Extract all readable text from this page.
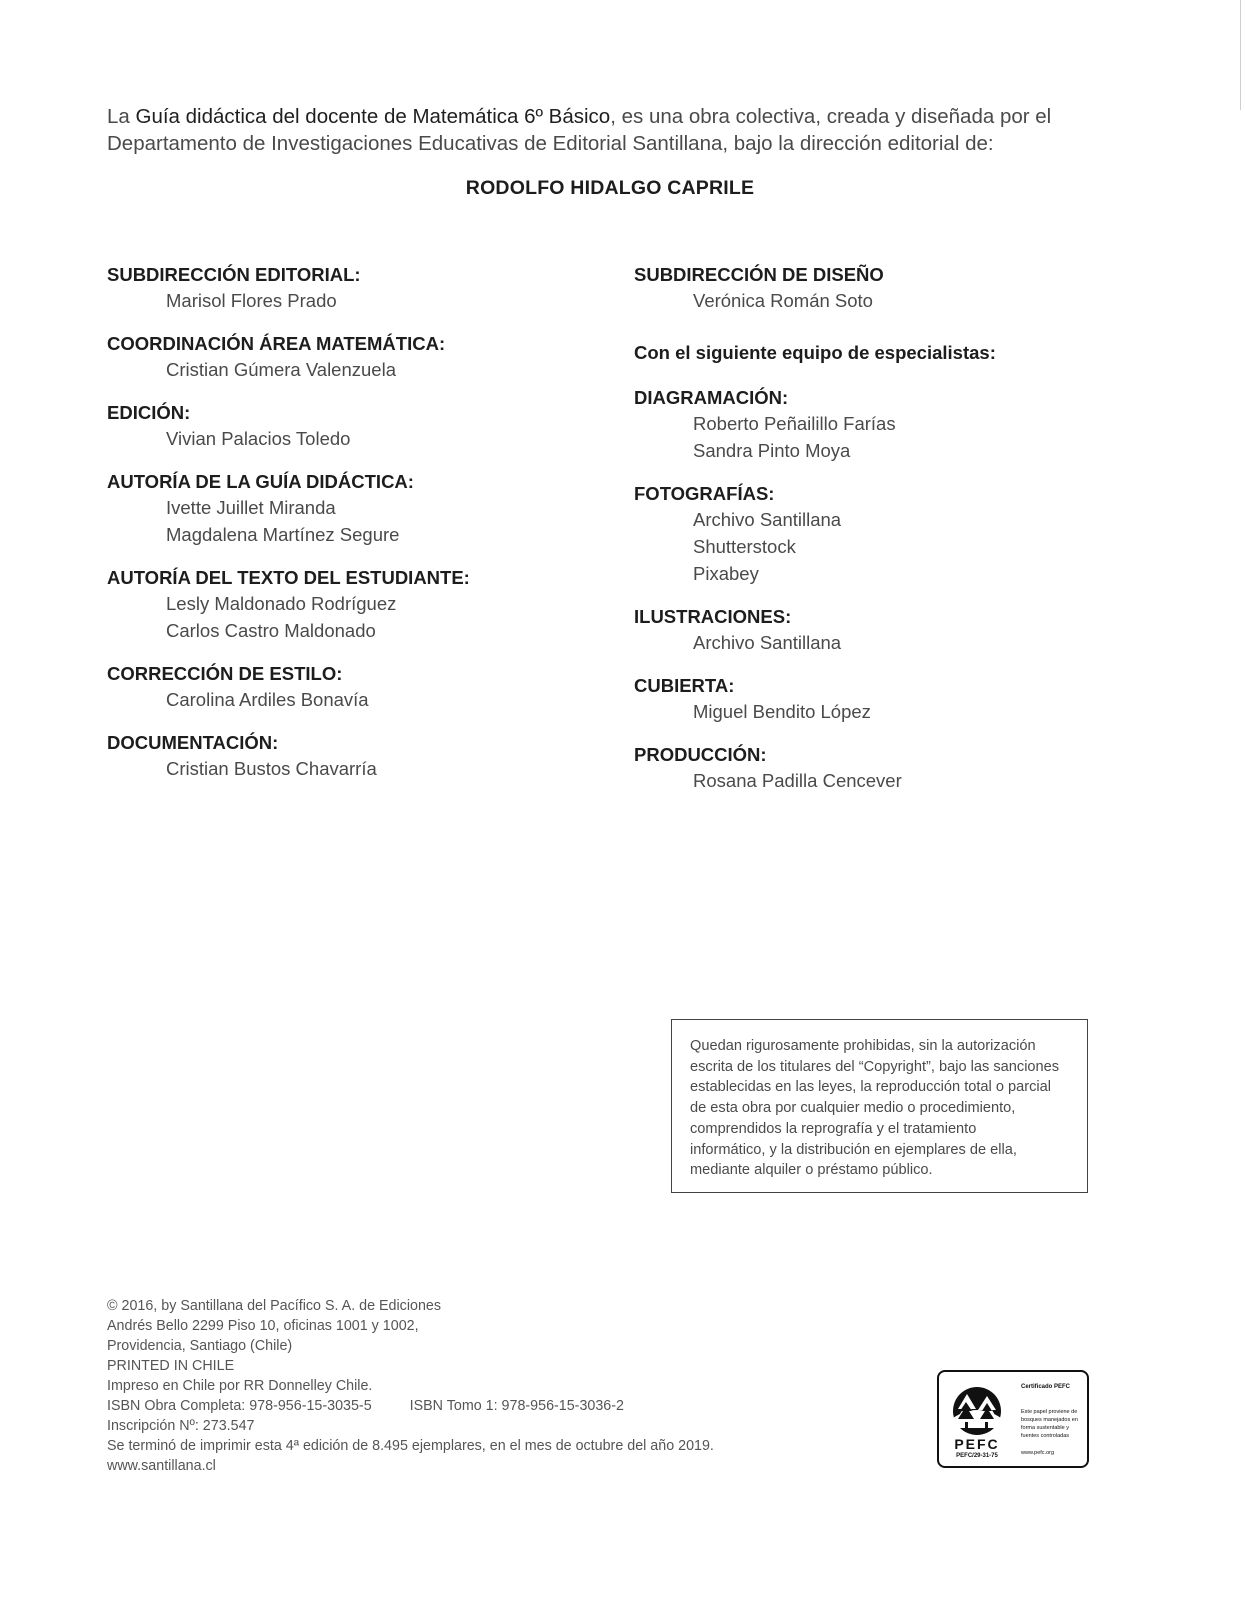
La Guía didáctica del docente de Matemática 6º Básico, es una obra colectiva, creada y diseñada por el Departamento de Investigaciones Educativas de Editorial Santillana, bajo la dirección editorial de:

RODOLFO HIDALGO CAPRILE
SUBDIRECCIÓN EDITORIAL:
Marisol Flores Prado
COORDINACIÓN ÁREA MATEMÁTICA:
Cristian Gúmera Valenzuela
EDICIÓN:
Vivian Palacios Toledo
AUTORÍA DE LA GUÍA DIDÁCTICA:
Ivette Juillet Miranda
Magdalena Martínez Segure
AUTORÍA DEL TEXTO DEL ESTUDIANTE:
Lesly Maldonado Rodríguez
Carlos Castro Maldonado
CORRECCIÓN DE ESTILO:
Carolina Ardiles Bonavía
DOCUMENTACIÓN:
Cristian Bustos Chavarría
SUBDIRECCIÓN DE DISEÑO
Verónica Román Soto
Con el siguiente equipo de especialistas:
DIAGRAMACIÓN:
Roberto Peñailillo Farías
Sandra Pinto Moya
FOTOGRAFÍAS:
Archivo Santillana
Shutterstock
Pixabey
ILUSTRACIONES:
Archivo Santillana
CUBIERTA:
Miguel Bendito López
PRODUCCIÓN:
Rosana Padilla Cencever
Quedan rigurosamente prohibidas, sin la autorización
escrita de los titulares del “Copyright”, bajo las sanciones
establecidas en las leyes, la reproducción total o parcial
de esta obra por cualquier medio o procedimiento,
comprendidos la reprografía y el tratamiento
informático, y la distribución en ejemplares de ella,
mediante alquiler o préstamo público.
© 2016, by Santillana del Pacífico S. A. de Ediciones
Andrés Bello 2299 Piso 10, oficinas 1001 y 1002,
Providencia, Santiago (Chile)
PRINTED IN CHILE
Impreso en Chile por RR Donnelley Chile.
ISBN Obra Completa: 978-956-15-3035-5	ISBN Tomo 1: 978-956-15-3036-2
Inscripción Nº: 273.547
Se terminó de imprimir esta 4ª edición de 8.495 ejemplares, en el mes de octubre del año 2019.
www.santillana.cl
PEFC
PEFC/29-31-75
Certificado PEFC
Este papel proviene de bosques manejados en forma sustentable y fuentes controladas
www.pefc.org
